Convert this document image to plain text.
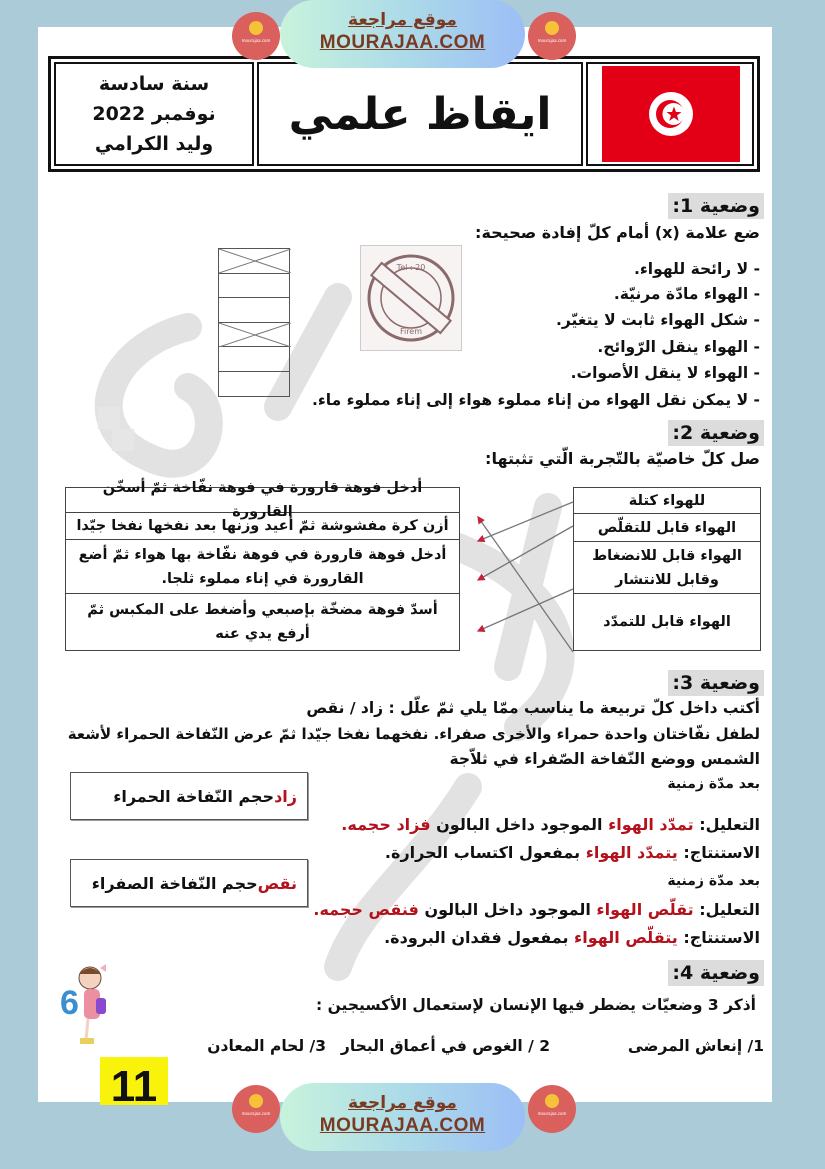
mourajaa.com
موقع مراجعة
MOURAJAA.COM	mourajaa.com
سنة سادسة
نوفمبر 2022
وليد الكرامي
ايقاظ علمي
وضعية 1:
ضع علامة (x) أمام كلّ إفادة صحيحة:
Tel : 20
Firem
- لا رائحة للهواء.
- الهواء مادّة مرنيّة.
- شكل الهواء ثابت لا يتغيّر.
- الهواء ينقل الرّوائح.
- الهواء لا ينقل الأصوات.
- لا يمكن نقل الهواء من إناء مملوء هواء إلى إناء مملوء ماء.
وضعية 2:
صل كلّ خاصيّة بالتّجربة الّتي تثبتها:
أدخل فوهة قارورة في فوهة نفّاخة ثمّ أسخّن القارورة
أزن كرة مفشوشة ثمّ أعيد وزنها بعد نفخها نفخا جيّدا
أدخل فوهة قارورة في فوهة نفّاخة بها هواء ثمّ أضع القارورة في إناء مملوء ثلجا.
أسدّ فوهة مضخّة بإصبعي وأضغط على المكبس ثمّ أرفع يدي عنه
للهواء كتلة
الهواء قابل للتقلّص
الهواء قابل للانضغاط وقابل للانتشار
الهواء قابل للتمدّد
وضعية 3:
أكتب داخل كلّ تربيعة ما يناسب ممّا يلي ثمّ علّل : زاد / نقص
لطفل نفّاختان واحدة حمراء والأخرى صفراء. نفخهما نفخا جيّدا ثمّ عرض النّفاخة الحمراء لأشعة
الشمس ووضع النّفاخة الصّفراء في ثلاّجة
زاد
حجم النّفاخة الحمراء
بعد مدّة زمنية
التعليل: تمدّد الهواء الموجود داخل البالون فزاد حجمه.
الاستنتاج: يتمدّد الهواء بمفعول اكتساب الحرارة.
نقص
حجم النّفاخة الصفراء	بعد مدّة زمنية
التعليل: تقلّص الهواء الموجود داخل البالون فنقص حجمه.
الاستنتاج: يتقلّص الهواء بمفعول فقدان البرودة.
وضعية 4:
أذكر 3 وضعيّات يضطر فيها الإنسان لإستعمال الأكسيجين :
1/ إنعاش المرضى
2 / الغوص في أعماق البحار
3/ لحام المعادن
6
11
mourajaa.com
موقع مراجعة
MOURAJAA.COM
mourajaa.com
